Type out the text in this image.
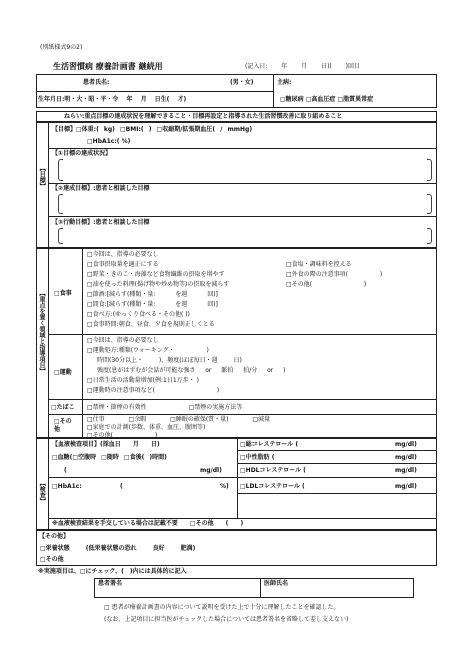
(別紙様式9の2)
生活習慣病 療養計画書 継続用	(記入日: 年 月 日)( )回目
患者氏名:	(男・女)
生年月日:明・大・昭・平・令 年 月 日生( 才)
主病:
□糖尿病 □高血圧症 □脂質異常症
ねらい:重点目標の達成状況を理解できること・目標再設定と指導された生活習慣改善に取り組めること
【目標】
【目標】□体重:( kg) □BMI:( ) □収縮期/拡張期血圧( / mmHg)
□HbA1c:( %)
【①目標の達成状況】
【②達成目標】:患者と相談した目標
【③行動目標】:患者と相談した目標
【重点を置く領域と指導項目】 □食事
□今回は、指導の必要なし
□食事摂取量を適正にする
□野菜・きのこ・海藻など食物繊維の摂取を増やす
□油を使った料理(揚げ物や炒め物等)の摂取を減らす
□節酒:[減らす(種類・量: を週 回)]
□間食:[減らす(種類・量: を週 回)]
□食べ方:(ゆっくり食べる・その他( ))
□食事時間:朝食、昼食、夕食を規則正しくとる
□食塩・調味料を控える
□外食の際の注意事項( )
□その他( )
□運動
□今回は、指導の必要なし
□運動処方:種類(ウォーキング・ )
時間(30分以上・ )、頻度(ほぼ毎日・週 日)
強度(息がはずむが会話が可能な強さ or 脈拍 拍/分 or )
□日常生活の活動量増加(例:1日1万歩・ )
□運動時の注意事項など( )
□たばこ □禁煙・節煙の有効性 □禁煙の実施方法等
□その他
□仕事 □余暇 □睡眠の確保(質・量) □減量
□家庭での計測(歩数、体重、血圧、腹囲等)
□その他( )
【検査】
【血液検査項目】(採血日 月 日)
□血糖(□空腹時 □随時 □食後( )時間)
(	mg/dl)
□HbA1c:	(	%)
□総コレステロール (	mg/dl)
□中性脂肪 (	mg/dl)
□HDLコレステロール (	mg/dl)
□LDLコレステロール (	mg/dl)
※血液検査結果を手交している場合は記載不要 □その他 ( )
【その他】
□栄養状態 (低栄養状態の恐れ 良好 肥満)
□その他
※実施項目は、□にチェック、( )内には具体的に記入
患者署名	医師氏名
□ 患者が療養計画書の内容について説明を受けた上で十分に理解したことを確認した。
(なお、上記項目に担当医がチェックした場合については患者署名を省略して差し支えない)
